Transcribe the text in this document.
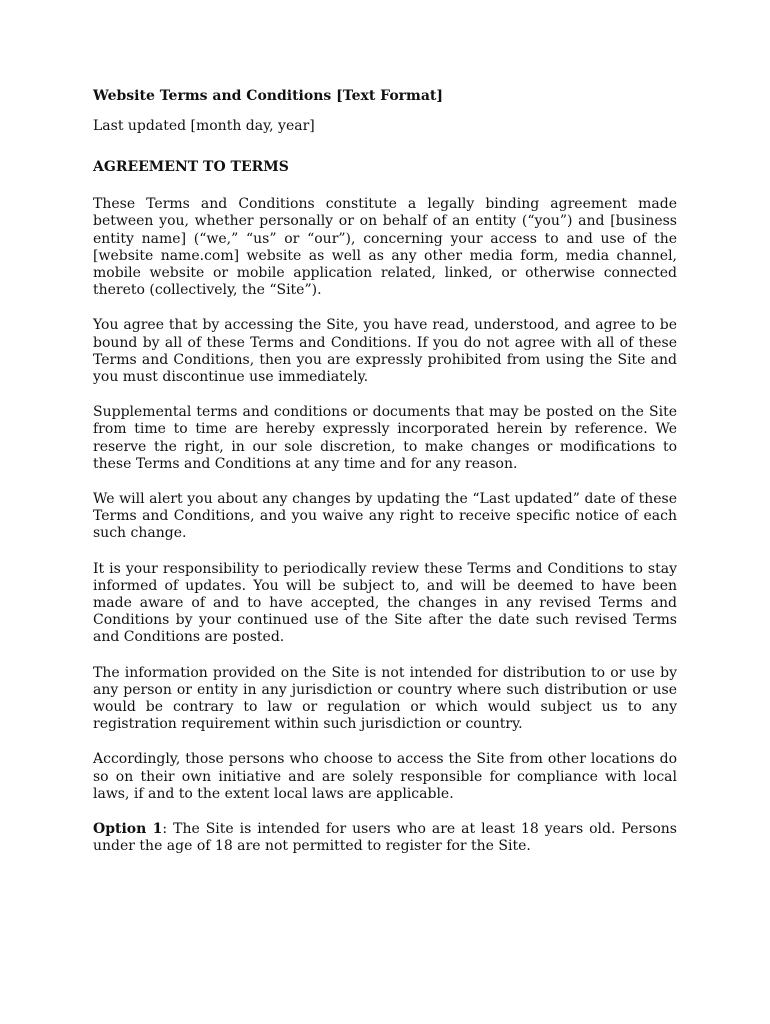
Website Terms and Conditions [Text Format]

Last updated [month day, year]

AGREEMENT TO TERMS

These Terms and Conditions constitute a legally binding agreement made between you, whether personally or on behalf of an entity (“you”) and [business entity name] (“we,” “us” or “our”), concerning your access to and use of the [website name.com] website as well as any other media form, media channel, mobile website or mobile application related, linked, or otherwise connected thereto (collectively, the “Site”).

You agree that by accessing the Site, you have read, understood, and agree to be bound by all of these Terms and Conditions. If you do not agree with all of these Terms and Conditions, then you are expressly prohibited from using the Site and you must discontinue use immediately.

Supplemental terms and conditions or documents that may be posted on the Site from time to time are hereby expressly incorporated herein by reference. We reserve the right, in our sole discretion, to make changes or modifications to these Terms and Conditions at any time and for any reason.

We will alert you about any changes by updating the “Last updated” date of these Terms and Conditions, and you waive any right to receive specific notice of each such change.

It is your responsibility to periodically review these Terms and Conditions to stay informed of updates. You will be subject to, and will be deemed to have been made aware of and to have accepted, the changes in any revised Terms and Conditions by your continued use of the Site after the date such revised Terms and Conditions are posted.

The information provided on the Site is not intended for distribution to or use by any person or entity in any jurisdiction or country where such distribution or use would be contrary to law or regulation or which would subject us to any registration requirement within such jurisdiction or country.

Accordingly, those persons who choose to access the Site from other locations do so on their own initiative and are solely responsible for compliance with local laws, if and to the extent local laws are applicable.

Option 1: The Site is intended for users who are at least 18 years old. Persons under the age of 18 are not permitted to register for the Site.
